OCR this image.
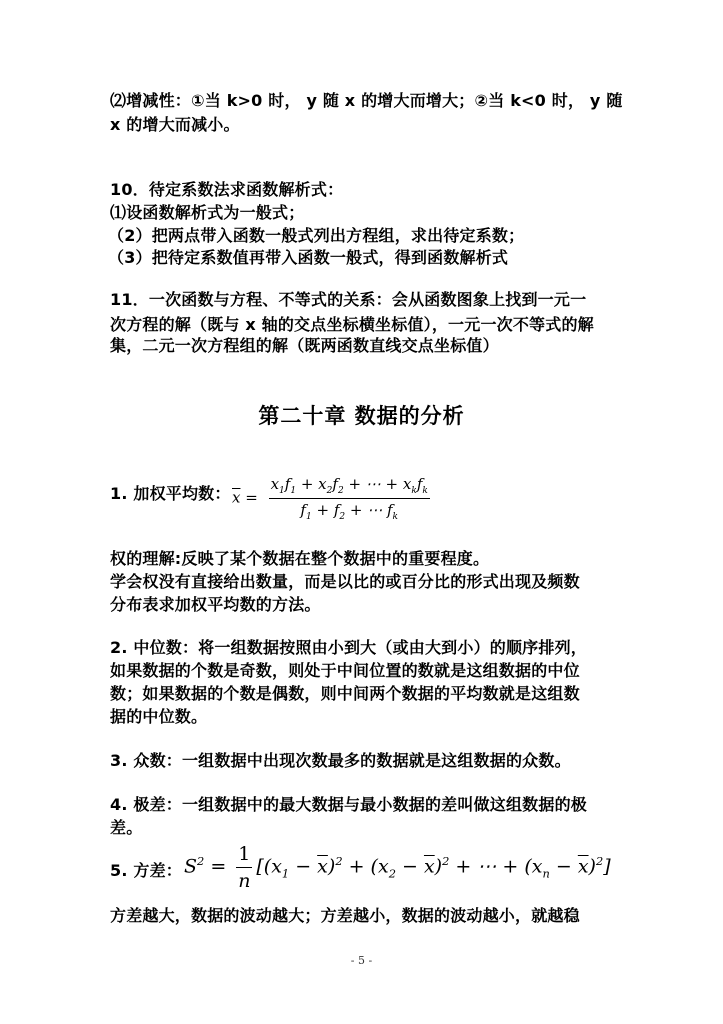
⑵增减性：①当 k>0 时， y 随 x 的增大而增大；②当 k<0 时， y 随
x 的增大而减小。
10．待定系数法求函数解析式：
⑴设函数解析式为一般式；
（2）把两点带入函数一般式列出方程组，求出待定系数；
（3）把待定系数值再带入函数一般式，得到函数解析式
11．一次函数与方程、不等式的关系：会从函数图象上找到一元一
次方程的解（既与 x 轴的交点坐标横坐标值），一元一次不等式的解
集，二元一次方程组的解（既两函数直线交点坐标值）
第二十章 数据的分析
1. 加权平均数： $\overline{x} = \frac{x_1f_1 + x_2f_2 + \cdots + x_kf_k}{f_1 + f_2 + \cdots f_k}$
权的理解:反映了某个数据在整个数据中的重要程度。
学会权没有直接给出数量，而是以比的或百分比的形式出现及频数
分布表求加权平均数的方法。
2. 中位数：将一组数据按照由小到大（或由大到小）的顺序排列，
如果数据的个数是奇数，则处于中间位置的数就是这组数据的中位
数；如果数据的个数是偶数，则中间两个数据的平均数就是这组数
据的中位数。
3. 众数：一组数据中出现次数最多的数据就是这组数据的众数。
4. 极差：一组数据中的最大数据与最小数据的差叫做这组数据的极
差。
5. 方差： $S^2 = \frac{1}{n} [(x_1 - \overline{x})^2 + (x_2 - \overline{x})^2$ + ⋯ + $(x_n - \overline{x})^2$]
方差越大，数据的波动越大；方差越小，数据的波动越小，就越稳
- 5 -
